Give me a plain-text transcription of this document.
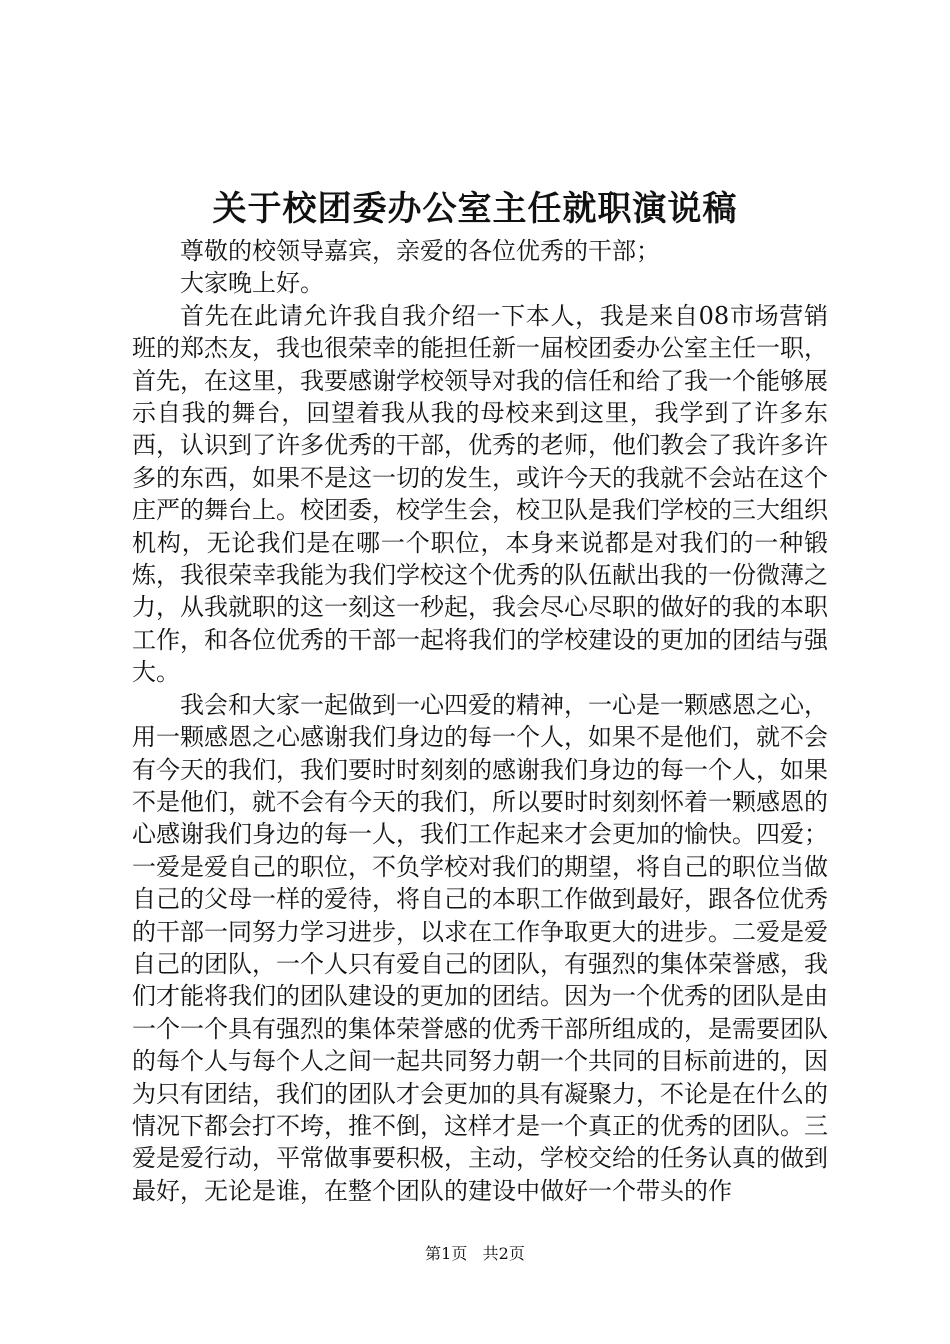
关于校团委办公室主任就职演说稿

尊敬的校领导嘉宾，亲爱的各位优秀的干部；

大家晚上好。

首先在此请允许我自我介绍一下本人，我是来自08市场营销班的郑杰友，我也很荣幸的能担任新一届校团委办公室主任一职，首先，在这里，我要感谢学校领导对我的信任和给了我一个能够展示自我的舞台，回望着我从我的母校来到这里，我学到了许多东西，认识到了许多优秀的干部，优秀的老师，他们教会了我许多许多的东西，如果不是这一切的发生，或许今天的我就不会站在这个庄严的舞台上。校团委，校学生会，校卫队是我们学校的三大组织机构，无论我们是在哪一个职位，本身来说都是对我们的一种锻炼，我很荣幸我能为我们学校这个优秀的队伍献出我的一份微薄之力，从我就职的这一刻这一秒起，我会尽心尽职的做好的我的本职工作，和各位优秀的干部一起将我们的学校建设的更加的团结与强大。

我会和大家一起做到一心四爱的精神，一心是一颗感恩之心，用一颗感恩之心感谢我们身边的每一个人，如果不是他们，就不会有今天的我们，我们要时时刻刻的感谢我们身边的每一个人，如果不是他们，就不会有今天的我们，所以要时时刻刻怀着一颗感恩的心感谢我们身边的每一人，我们工作起来才会更加的愉快。四爱；一爱是爱自己的职位，不负学校对我们的期望，将自己的职位当做自己的父母一样的爱待，将自己的本职工作做到最好，跟各位优秀的干部一同努力学习进步，以求在工作争取更大的进步。二爱是爱自己的团队，一个人只有爱自己的团队，有强烈的集体荣誉感，我们才能将我们的团队建设的更加的团结。因为一个优秀的团队是由一个一个具有强烈的集体荣誉感的优秀干部所组成的，是需要团队的每个人与每个人之间一起共同努力朝一个共同的目标前进的，因为只有团结，我们的团队才会更加的具有凝聚力，不论是在什么的情况下都会打不垮，推不倒，这样才是一个真正的优秀的团队。三爱是爱行动，平常做事要积极，主动，学校交给的任务认真的做到最好，无论是谁，在整个团队的建设中做好一个带头的作

第1页 共2页
